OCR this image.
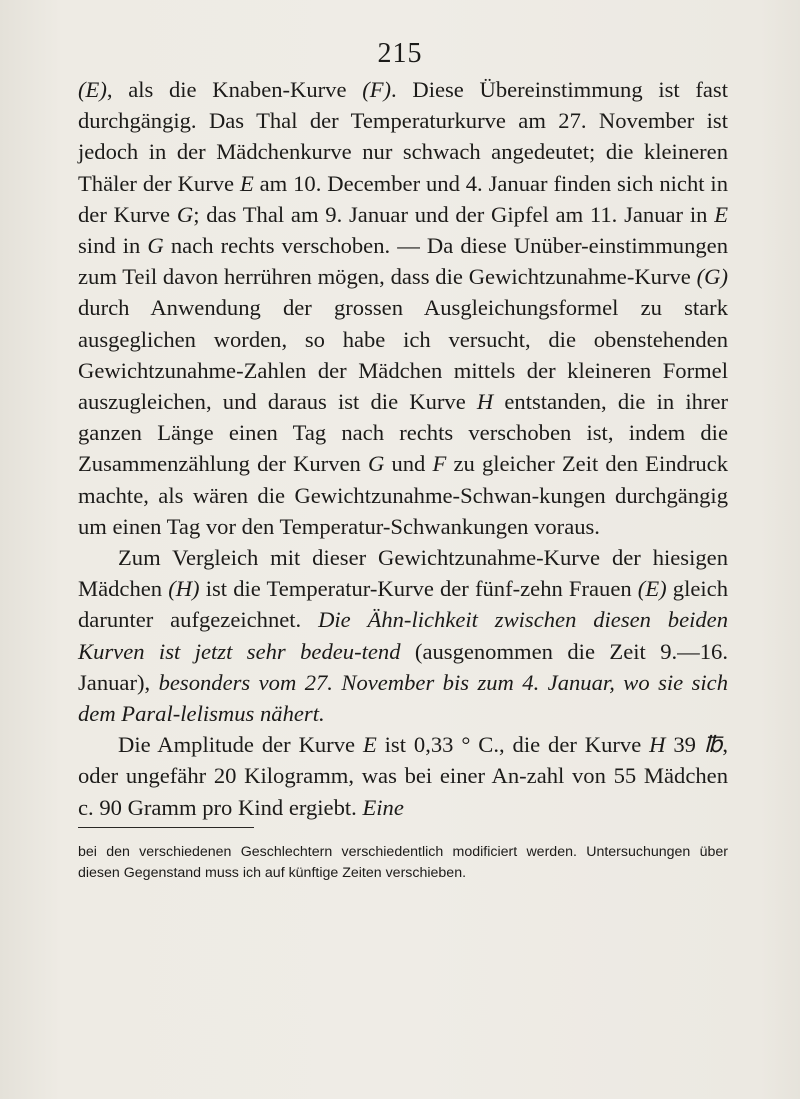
215

(E), als die Knaben-Kurve (F). Diese Übereinstimmung ist fast durchgängig. Das Thal der Temperaturkurve am 27. November ist jedoch in der Mädchenkurve nur schwach angedeutet; die kleineren Thäler der Kurve E am 10. December und 4. Januar finden sich nicht in der Kurve G; das Thal am 9. Januar und der Gipfel am 11. Januar in E sind in G nach rechts verschoben. — Da diese Unüber-einstimmungen zum Teil davon herrühren mögen, dass die Gewichtzunahme-Kurve (G) durch Anwendung der grossen Ausgleichungsformel zu stark ausgeglichen worden, so habe ich versucht, die obenstehenden Gewichtzunahme-Zahlen der Mädchen mittels der kleineren Formel auszugleichen, und daraus ist die Kurve H entstanden, die in ihrer ganzen Länge einen Tag nach rechts verschoben ist, indem die Zusammenzählung der Kurven G und F zu gleicher Zeit den Eindruck machte, als wären die Gewichtzunahme-Schwan-kungen durchgängig um einen Tag vor den Temperatur-Schwankungen voraus.

Zum Vergleich mit dieser Gewichtzunahme-Kurve der hiesigen Mädchen (H) ist die Temperatur-Kurve der fünf-zehn Frauen (E) gleich darunter aufgezeichnet. Die Ähn-lichkeit zwischen diesen beiden Kurven ist jetzt sehr bedeu-tend (ausgenommen die Zeit 9.—16. Januar), besonders vom 27. November bis zum 4. Januar, wo sie sich dem Paral-lelismus nähert.

Die Amplitude der Kurve E ist 0,33 ° C., die der Kurve H 39 ℔, oder ungefähr 20 Kilogramm, was bei einer An-zahl von 55 Mädchen c. 90 Gramm pro Kind ergiebt. Eine

bei den verschiedenen Geschlechtern verschiedentlich modificiert werden. Untersuchungen über diesen Gegenstand muss ich auf künftige Zeiten verschieben.
